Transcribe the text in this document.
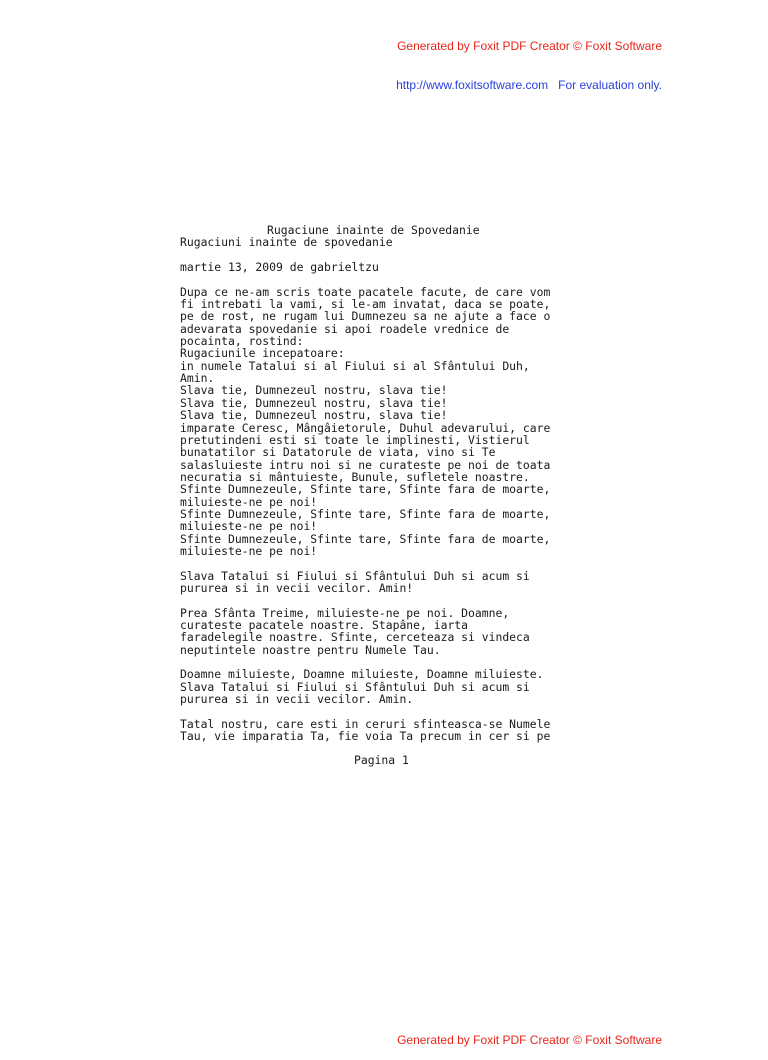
Generated by Foxit PDF Creator © Foxit Software

http://www.foxitsoftware.com For evaluation only.

Rugaciune inainte de Spovedanie
Rugaciuni inainte de spovedanie
martie 13, 2009 de gabrieltzu
Dupa ce ne-am scris toate pacatele facute, de care vom
fi intrebati la vami, si le-am invatat, daca se poate,
pe de rost, ne rugam lui Dumnezeu sa ne ajute a face o
adevarata spovedanie si apoi roadele vrednice de
pocainta, rostind:
Rugaciunile incepatoare:
in numele Tatalui si al Fiului si al Sfântului Duh,
Amin.
Slava tie, Dumnezeul nostru, slava tie!
Slava tie, Dumnezeul nostru, slava tie!
Slava tie, Dumnezeul nostru, slava tie!
imparate Ceresc, Mângâietorule, Duhul adevarului, care
pretutindeni esti si toate le implinesti, Vistierul
bunatatilor si Datatorule de viata, vino si Te
salasluieste intru noi si ne curateste pe noi de toata
necuratia si mântuieste, Bunule, sufletele noastre.
Sfinte Dumnezeule, Sfinte tare, Sfinte fara de moarte,
miluieste-ne pe noi!
Sfinte Dumnezeule, Sfinte tare, Sfinte fara de moarte,
miluieste-ne pe noi!
Sfinte Dumnezeule, Sfinte tare, Sfinte fara de moarte,
miluieste-ne pe noi!
Slava Tatalui si Fiului si Sfântului Duh si acum si
pururea si in vecii vecilor. Amin!
Prea Sfânta Treime, miluieste-ne pe noi. Doamne,
curateste pacatele noastre. Stapâne, iarta
faradelegile noastre. Sfinte, cerceteaza si vindeca
neputintele noastre pentru Numele Tau.
Doamne miluieste, Doamne miluieste, Doamne miluieste.
Slava Tatalui si Fiului si Sfântului Duh si acum si
pururea si in vecii vecilor. Amin.
Tatal nostru, care esti in ceruri sfinteasca-se Numele
Tau, vie imparatia Ta, fie voia Ta precum in cer si pe
Pagina 1

Generated by Foxit PDF Creator © Foxit Software
